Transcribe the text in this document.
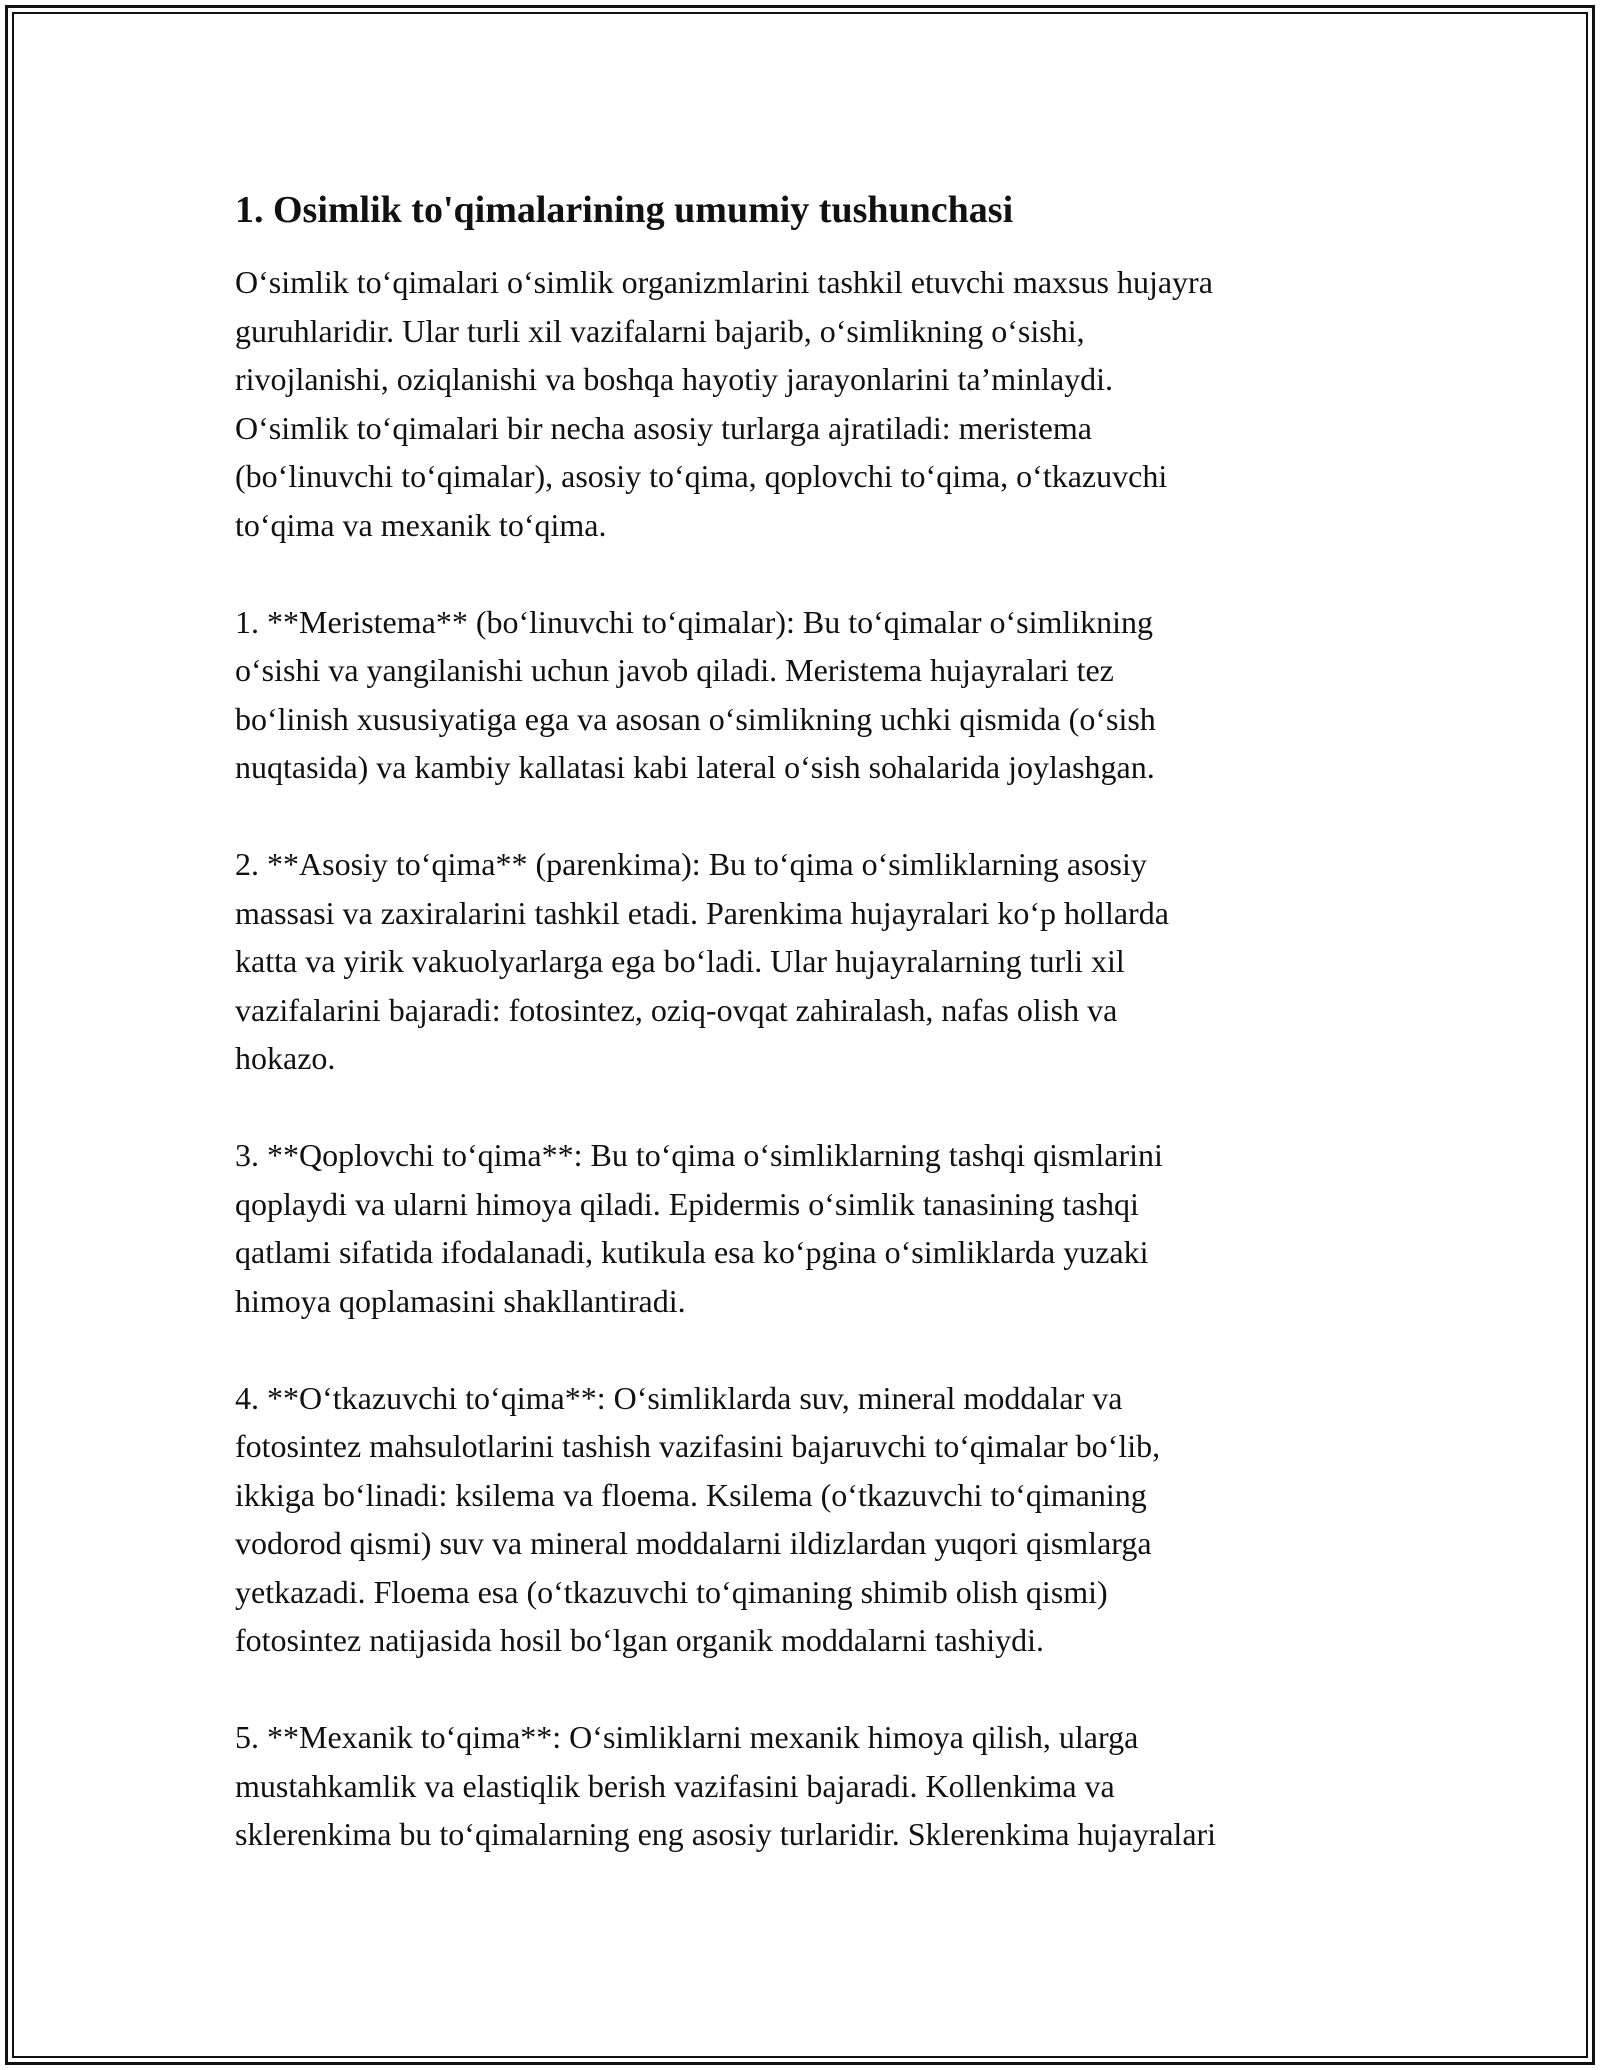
1. Osimlik to'qimalarining umumiy tushunchasi

Oʻsimlik toʻqimalari oʻsimlik organizmlarini tashkil etuvchi maxsus hujayra
guruhlaridir. Ular turli xil vazifalarni bajarib, oʻsimlikning oʻsishi,
rivojlanishi, oziqlanishi va boshqa hayotiy jarayonlarini taʼminlaydi.
Oʻsimlik toʻqimalari bir necha asosiy turlarga ajratiladi: meristema
(boʻlinuvchi toʻqimalar), asosiy toʻqima, qoplovchi toʻqima, oʻtkazuvchi
toʻqima va mexanik toʻqima.

1. **Meristema** (boʻlinuvchi toʻqimalar): Bu toʻqimalar oʻsimlikning
oʻsishi va yangilanishi uchun javob qiladi. Meristema hujayralari tez
boʻlinish xususiyatiga ega va asosan oʻsimlikning uchki qismida (oʻsish
nuqtasida) va kambiy kallatasi kabi lateral oʻsish sohalarida joylashgan.

2. **Asosiy toʻqima** (parenkima): Bu toʻqima oʻsimliklarning asosiy
massasi va zaxiralarini tashkil etadi. Parenkima hujayralari koʻp hollarda
katta va yirik vakuolyarlarga ega boʻladi. Ular hujayralarning turli xil
vazifalarini bajaradi: fotosintez, oziq-ovqat zahiralash, nafas olish va
hokazo.

3. **Qoplovchi toʻqima**: Bu toʻqima oʻsimliklarning tashqi qismlarini
qoplaydi va ularni himoya qiladi. Epidermis oʻsimlik tanasining tashqi
qatlami sifatida ifodalanadi, kutikula esa koʻpgina oʻsimliklarda yuzaki
himoya qoplamasini shakllantiradi.

4. **Oʻtkazuvchi toʻqima**: Oʻsimliklarda suv, mineral moddalar va
fotosintez mahsulotlarini tashish vazifasini bajaruvchi toʻqimalar boʻlib,
ikkiga boʻlinadi: ksilema va floema. Ksilema (oʻtkazuvchi toʻqimaning
vodorod qismi) suv va mineral moddalarni ildizlardan yuqori qismlarga
yetkazadi. Floema esa (oʻtkazuvchi toʻqimaning shimib olish qismi)
fotosintez natijasida hosil boʻlgan organik moddalarni tashiydi.

5. **Mexanik toʻqima**: Oʻsimliklarni mexanik himoya qilish, ularga
mustahkamlik va elastiqlik berish vazifasini bajaradi. Kollenkima va
sklerenkima bu toʻqimalarning eng asosiy turlaridir. Sklerenkima hujayralari
